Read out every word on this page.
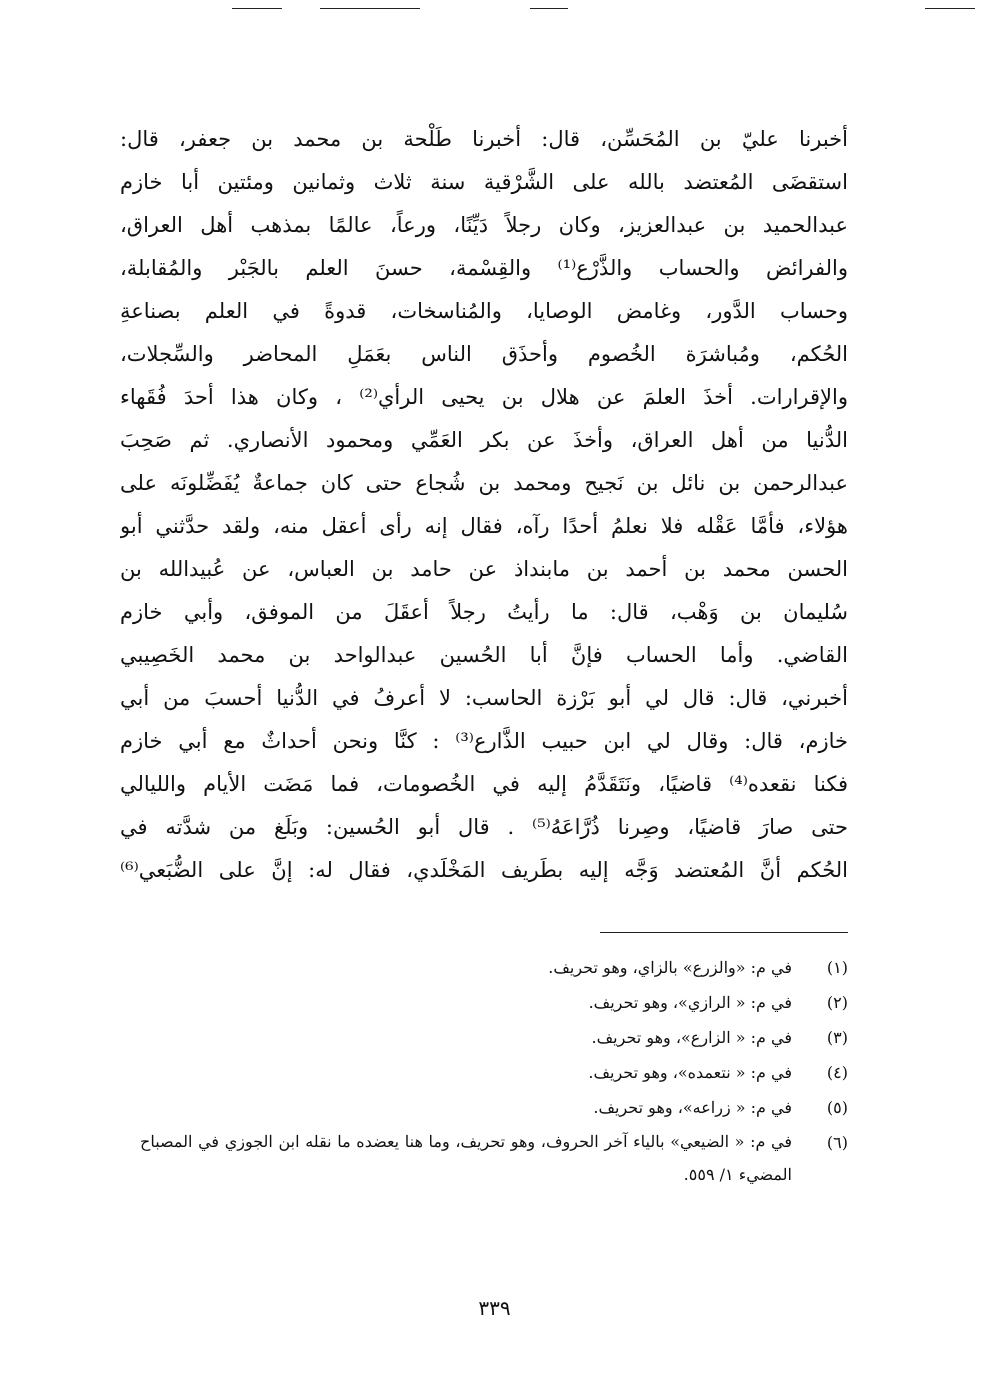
أخبرنا عليّ بن المُحَسِّن، قال: أخبرنا طَلْحة بن محمد بن جعفر، قال:
استقضَى المُعتضد بالله على الشَّرْقية سنة ثلاث وثمانين ومئتين أبا خازم
عبدالحميد بن عبدالعزيز، وكان رجلاً دَيِّنًا، ورعاً، عالمًا بمذهب أهل العراق،
والفرائض والحساب والذَّرْع⁽¹⁾ والقِسْمة، حسنَ العلم بالجَبْر والمُقابلة،
وحساب الدَّور، وغامض الوصايا، والمُناسخات، قدوةً في العلم بصناعةِ
الحُكم، ومُباشرَة الخُصوم وأحذَق الناس بعَمَلِ المحاضر والسِّجلات،
والإقرارات. أخذَ العلمَ عن هلال بن يحيى الرأي⁽²⁾ ، وكان هذا أحدَ فُقَهاء
الدُّنيا من أهل العراق، وأخذَ عن بكر العَمِّي ومحمود الأنصاري. ثم صَحِبَ
عبدالرحمن بن نائل بن نَجيح ومحمد بن شُجاع حتى كان جماعةٌ يُفَضِّلونَه على
هؤلاء، فأمَّا عَقْله فلا نعلمُ أحدًا رآه، فقال إنه رأى أعقل منه، ولقد حدَّثني أبو
الحسن محمد بن أحمد بن مابنداذ عن حامد بن العباس، عن عُبيدالله بن
سُليمان بن وَهْب، قال: ما رأيتُ رجلاً أعقَلَ من الموفق، وأبي خازم
القاضي. وأما الحساب فإنَّ أبا الحُسين عبدالواحد بن محمد الخَصِيبي
أخبرني، قال: قال لي أبو بَرْزة الحاسب: لا أعرفُ في الدُّنيا أحسبَ من أبي
خازم، قال: وقال لي ابن حبيب الذَّارع⁽³⁾ : كنَّا ونحن أحداثٌ مع أبي خازم
فكنا نقعده⁽⁴⁾ قاضيًا، ونَتَقَدَّمُ إليه في الخُصومات، فما مَضَت الأيام والليالي
حتى صارَ قاضيًا، وصِرنا ذُرَّاعَهُ⁽⁵⁾ . قال أبو الحُسين: وبَلَغ من شدَّته في
الحُكم أنَّ المُعتضد وَجَّه إليه بطَريف المَخْلَدي، فقال له: إنَّ على الضُّبَعي⁽⁶⁾
(١)
في م: «والزرع» بالزاي، وهو تحريف.
(٢)
في م: « الرازي»، وهو تحريف.
(٣)
في م: « الزارع»، وهو تحريف.
(٤)
في م: « نتعمده»، وهو تحريف.
(٥)
في م: « زراعه»، وهو تحريف.
(٦)
في م: « الضيعي» بالياء آخر الحروف، وهو تحريف، وما هنا يعضده ما نقله ابن الجوزي في المصباح المضيء ١/ ٥٥٩.
٣٣٩
